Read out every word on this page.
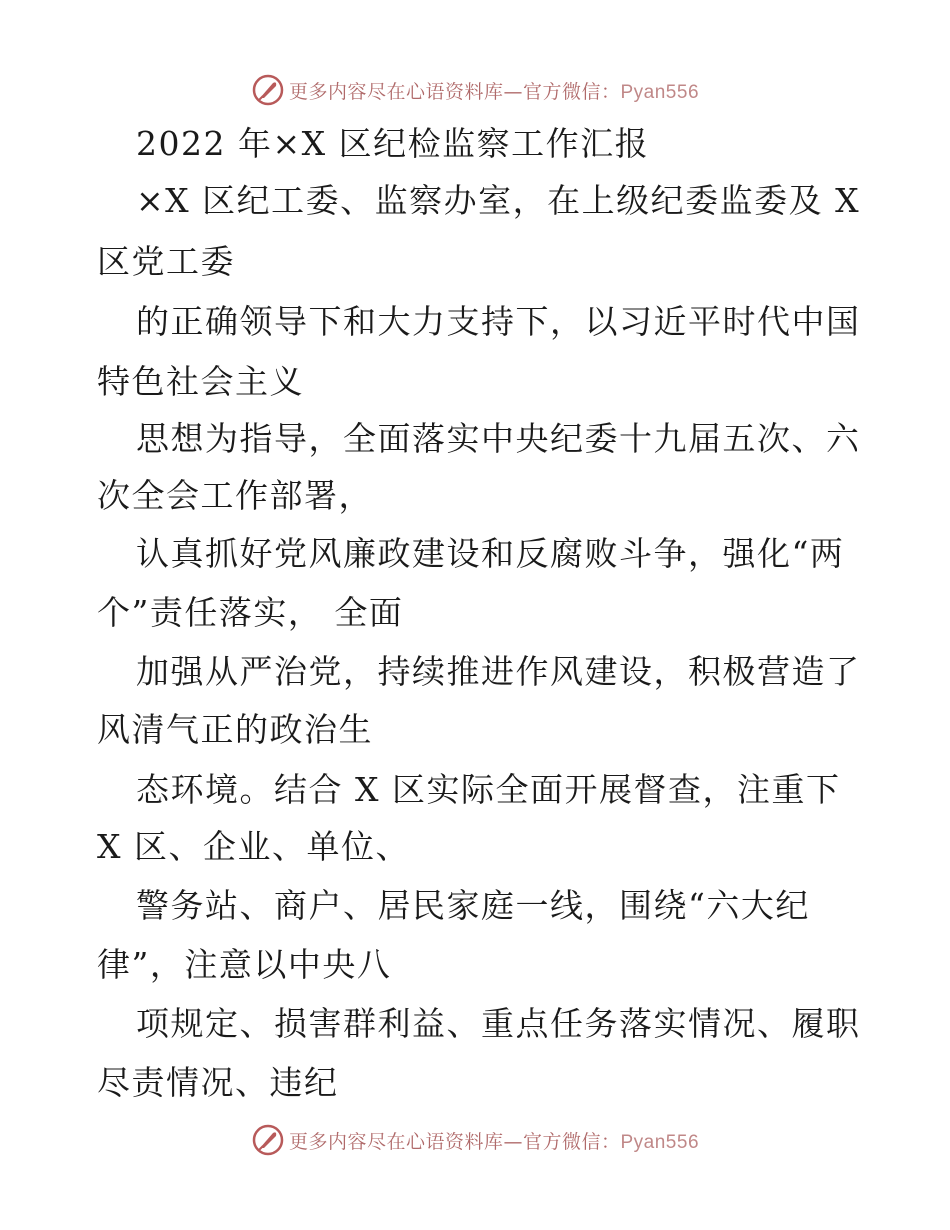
更多内容尽在心语资料库—官方微信：Pyan556
2022 年×X 区纪检监察工作汇报
×X 区纪工委、监察办室，在上级纪委监委及 X
区党工委
的正确领导下和大力支持下，以习近平时代中国
特色社会主义
思想为指导，全面落实中央纪委十九届五次、六
次全会工作部署，
认真抓好党风廉政建设和反腐败斗争，强化“两
个”责任落实， 全面
加强从严治党，持续推进作风建设，积极营造了
风清气正的政治生
态环境。结合 X 区实际全面开展督查，注重下
X 区、企业、单位、
警务站、商户、居民家庭一线，围绕“六大纪
律”，注意以中央八
项规定、损害群利益、重点任务落实情况、履职
尽责情况、违纪
更多内容尽在心语资料库—官方微信：Pyan556
